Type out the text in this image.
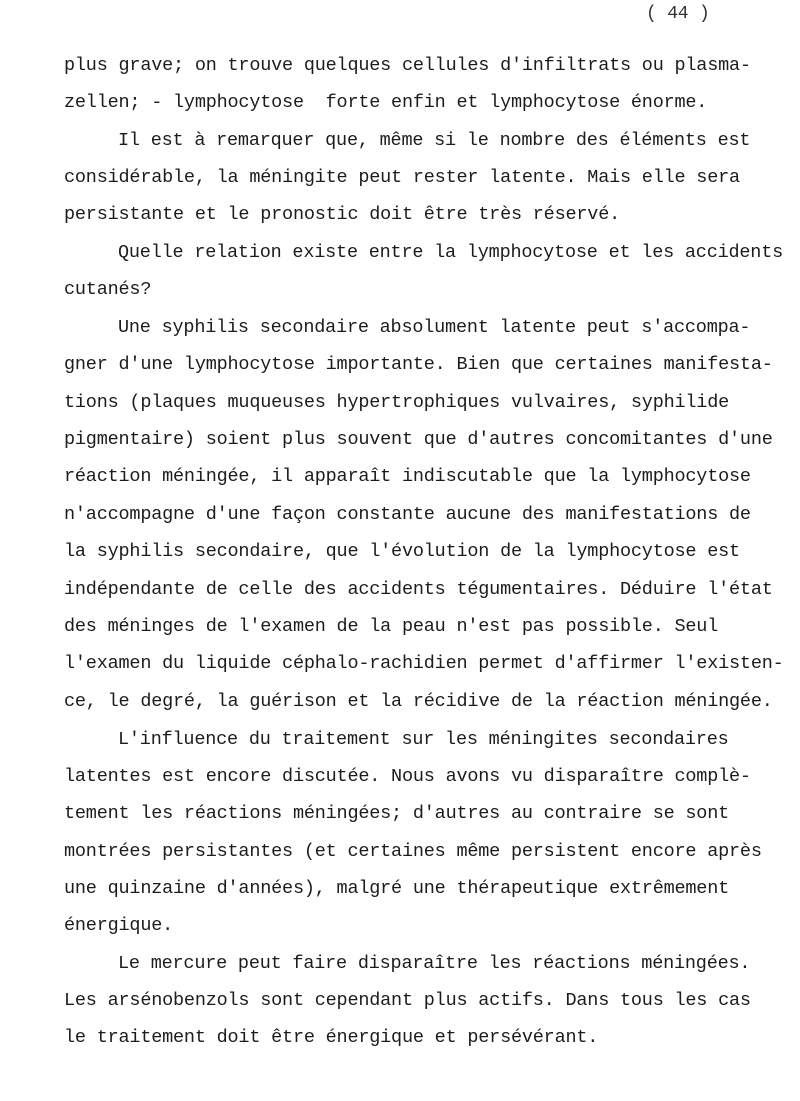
( 44 )
plus grave; on trouve quelques cellules d'infiltrats ou plasma-
zellen; - lymphocytose  forte enfin et lymphocytose énorme.
Il est à remarquer que, même si le nombre des éléments est
considérable, la méningite peut rester latente. Mais elle sera
persistante et le pronostic doit être très réservé.
Quelle relation existe entre la lymphocytose et les accidents
cutanés?
Une syphilis secondaire absolument latente peut s'accompa-
gner d'une lymphocytose importante. Bien que certaines manifesta-
tions (plaques muqueuses hypertrophiques vulvaires, syphilide
pigmentaire) soient plus souvent que d'autres concomitantes d'une
réaction méningée, il apparaît indiscutable que la lymphocytose
n'accompagne d'une façon constante aucune des manifestations de
la syphilis secondaire, que l'évolution de la lymphocytose est
indépendante de celle des accidents tégumentaires. Déduire l'état
des méninges de l'examen de la peau n'est pas possible. Seul
l'examen du liquide céphalo-rachidien permet d'affirmer l'existen-
ce, le degré, la guérison et la récidive de la réaction méningée.
L'influence du traitement sur les méningites secondaires
latentes est encore discutée. Nous avons vu disparaître complè-
tement les réactions méningées; d'autres au contraire se sont
montrées persistantes (et certaines même persistent encore après
une quinzaine d'années), malgré une thérapeutique extrêmement
énergique.
Le mercure peut faire disparaître les réactions méningées.
Les arsénobenzols sont cependant plus actifs. Dans tous les cas
le traitement doit être énergique et persévérant.
